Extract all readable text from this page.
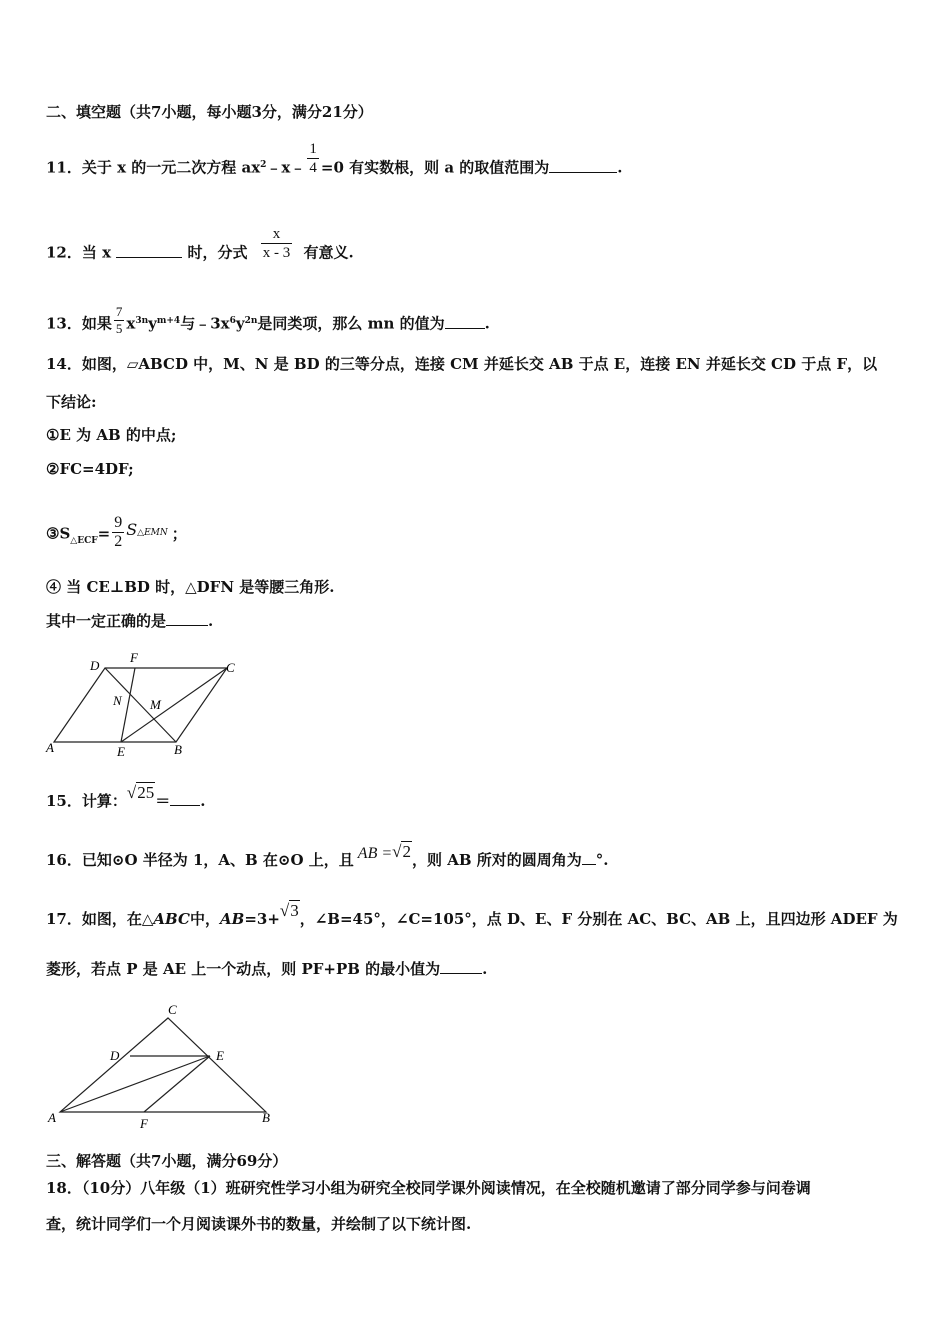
二、填空题（共7小题，每小题3分，满分21分）
11．关于 x 的一元二次方程 $ax^2﹣x﹣ \frac{1}{4} =0$ 有实数根，则 a 的取值范围为	.
12．当 x	时，分式 $\frac{x}{x - 3}$ 有意义.
13．如果 $\frac{7}{5} x^{3n}y^{m+4}$与$﹣3x^6y^{2n}$是同类项，那么 mn 的值为	.
14．如图，▱ABCD 中，M、N 是 BD 的三等分点，连接 CM 并延长交 AB 于点 E，连接 EN 并延长交 CD 于点 F，以
下结论:
①E 为 AB 的中点;
②FC=4DF;
$③S_{\triangle ECF}= \frac{9}{2} S^{\triangle EMN}$ ；
④ 当 CE⊥BD 时，△DFN 是等腰三角形.
其中一定正确的是	.
D
F
C
N M
A	E	B
15．计算：√25＝ .
16．已知⊙O 半径为 1，A、B 在⊙O 上，且 AB =√2，则 AB 所对的圆周角为 °.
17．如图，在△ABC中，AB=3+√3，∠B=45°，∠C=105°，点 D、E、F 分别在 AC、BC、AB 上，且四边形 ADEF 为
菱形，若点 P 是 AE 上一个动点，则 PF+PB 的最小值为	.
C
D	E
A	F	B
三、解答题（共7小题，满分69分）
18．（10分）八年级（1）班研究性学习小组为研究全校同学课外阅读情况，在全校随机邀请了部分同学参与问卷调
查，统计同学们一个月阅读课外书的数量，并绘制了以下统计图.
